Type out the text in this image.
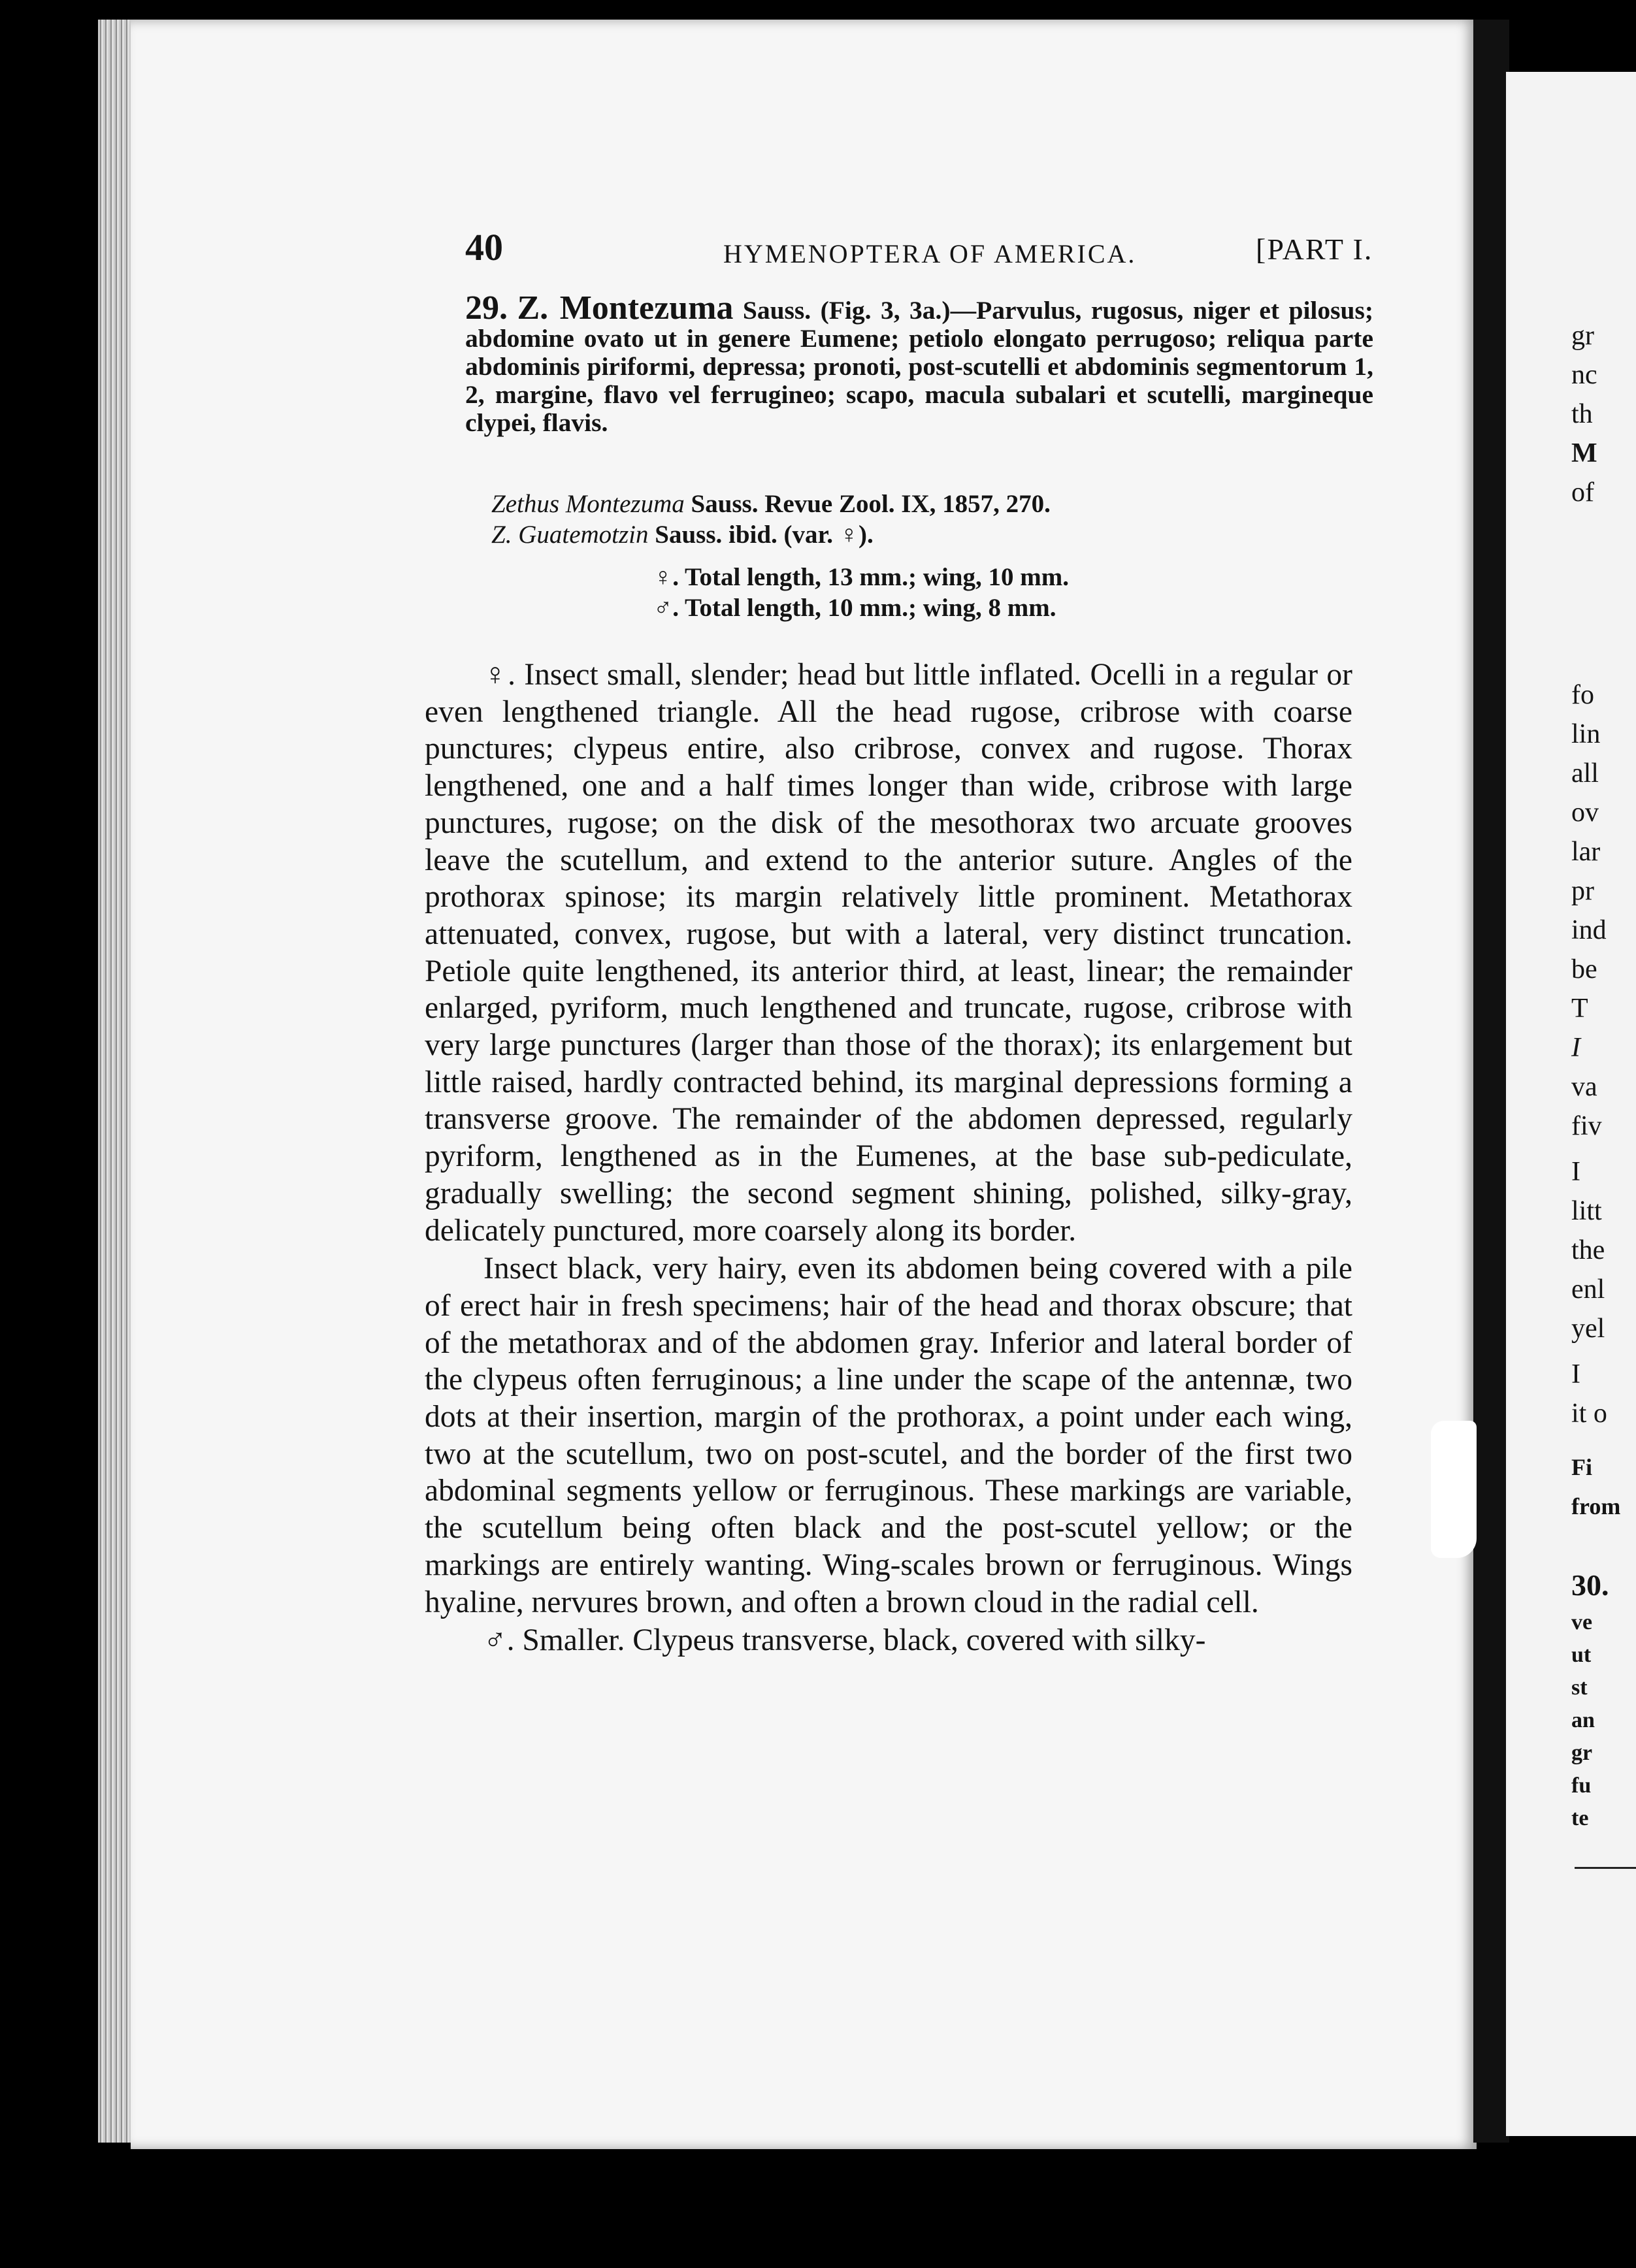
40	HYMENOPTERA OF AMERICA.	[PART I.
29. Z. Montezuma Sauss. (Fig. 3, 3a.)—Parvulus, rugosus, niger et pilosus; abdomine ovato ut in genere Eumene; petiolo elongato perrugoso; reliqua parte abdominis piriformi, depressa; pronoti, post-scutelli et abdominis segmentorum 1, 2, margine, flavo vel ferrugineo; scapo, macula subalari et scutelli, margineque clypei, flavis.
Zethus Montezuma Sauss. Revue Zool. IX, 1857, 270.
Z. Guatemotzin Sauss. ibid. (var. ♀).
♀. Total length, 13 mm.; wing, 10 mm.
♂. Total length, 10 mm.; wing, 8 mm.

♀. Insect small, slender; head but little inflated. Ocelli in a regular or even lengthened triangle. All the head rugose, cribrose with coarse punctures; clypeus entire, also cribrose, convex and rugose. Thorax lengthened, one and a half times longer than wide, cribrose with large punctures, rugose; on the disk of the mesothorax two arcuate grooves leave the scutellum, and extend to the anterior suture. Angles of the prothorax spinose; its margin relatively little prominent. Metathorax attenuated, convex, rugose, but with a lateral, very distinct truncation. Petiole quite lengthened, its anterior third, at least, linear; the remainder enlarged, pyriform, much lengthened and truncate, rugose, cribrose with very large punctures (larger than those of the thorax); its enlargement but little raised, hardly contracted behind, its marginal depressions forming a transverse groove. The remainder of the abdomen depressed, regularly pyriform, lengthened as in the Eumenes, at the base sub-pediculate, gradually swelling; the second segment shining, polished, silky-gray, delicately punctured, more coarsely along its border.

Insect black, very hairy, even its abdomen being covered with a pile of erect hair in fresh specimens; hair of the head and thorax obscure; that of the metathorax and of the abdomen gray. Inferior and lateral border of the clypeus often ferruginous; a line under the scape of the antennæ, two dots at their insertion, margin of the prothorax, a point under each wing, two at the scutellum, two on post-scutel, and the border of the first two abdominal segments yellow or ferruginous. These markings are variable, the scutellum being often black and the post-scutel yellow; or the markings are entirely wanting. Wing-scales brown or ferruginous. Wings hyaline, nervures brown, and often a brown cloud in the radial cell.

♂. Smaller. Clypeus transverse, black, covered with silky-

gr

nc

th

M

of

fo

lin

all

ov

lar

pr

ind

be

T

I

va

fiv

I

litt

the

enl

yel

I

it o

Fi

from

30.

ve

ut

st

an

gr

fu

te
